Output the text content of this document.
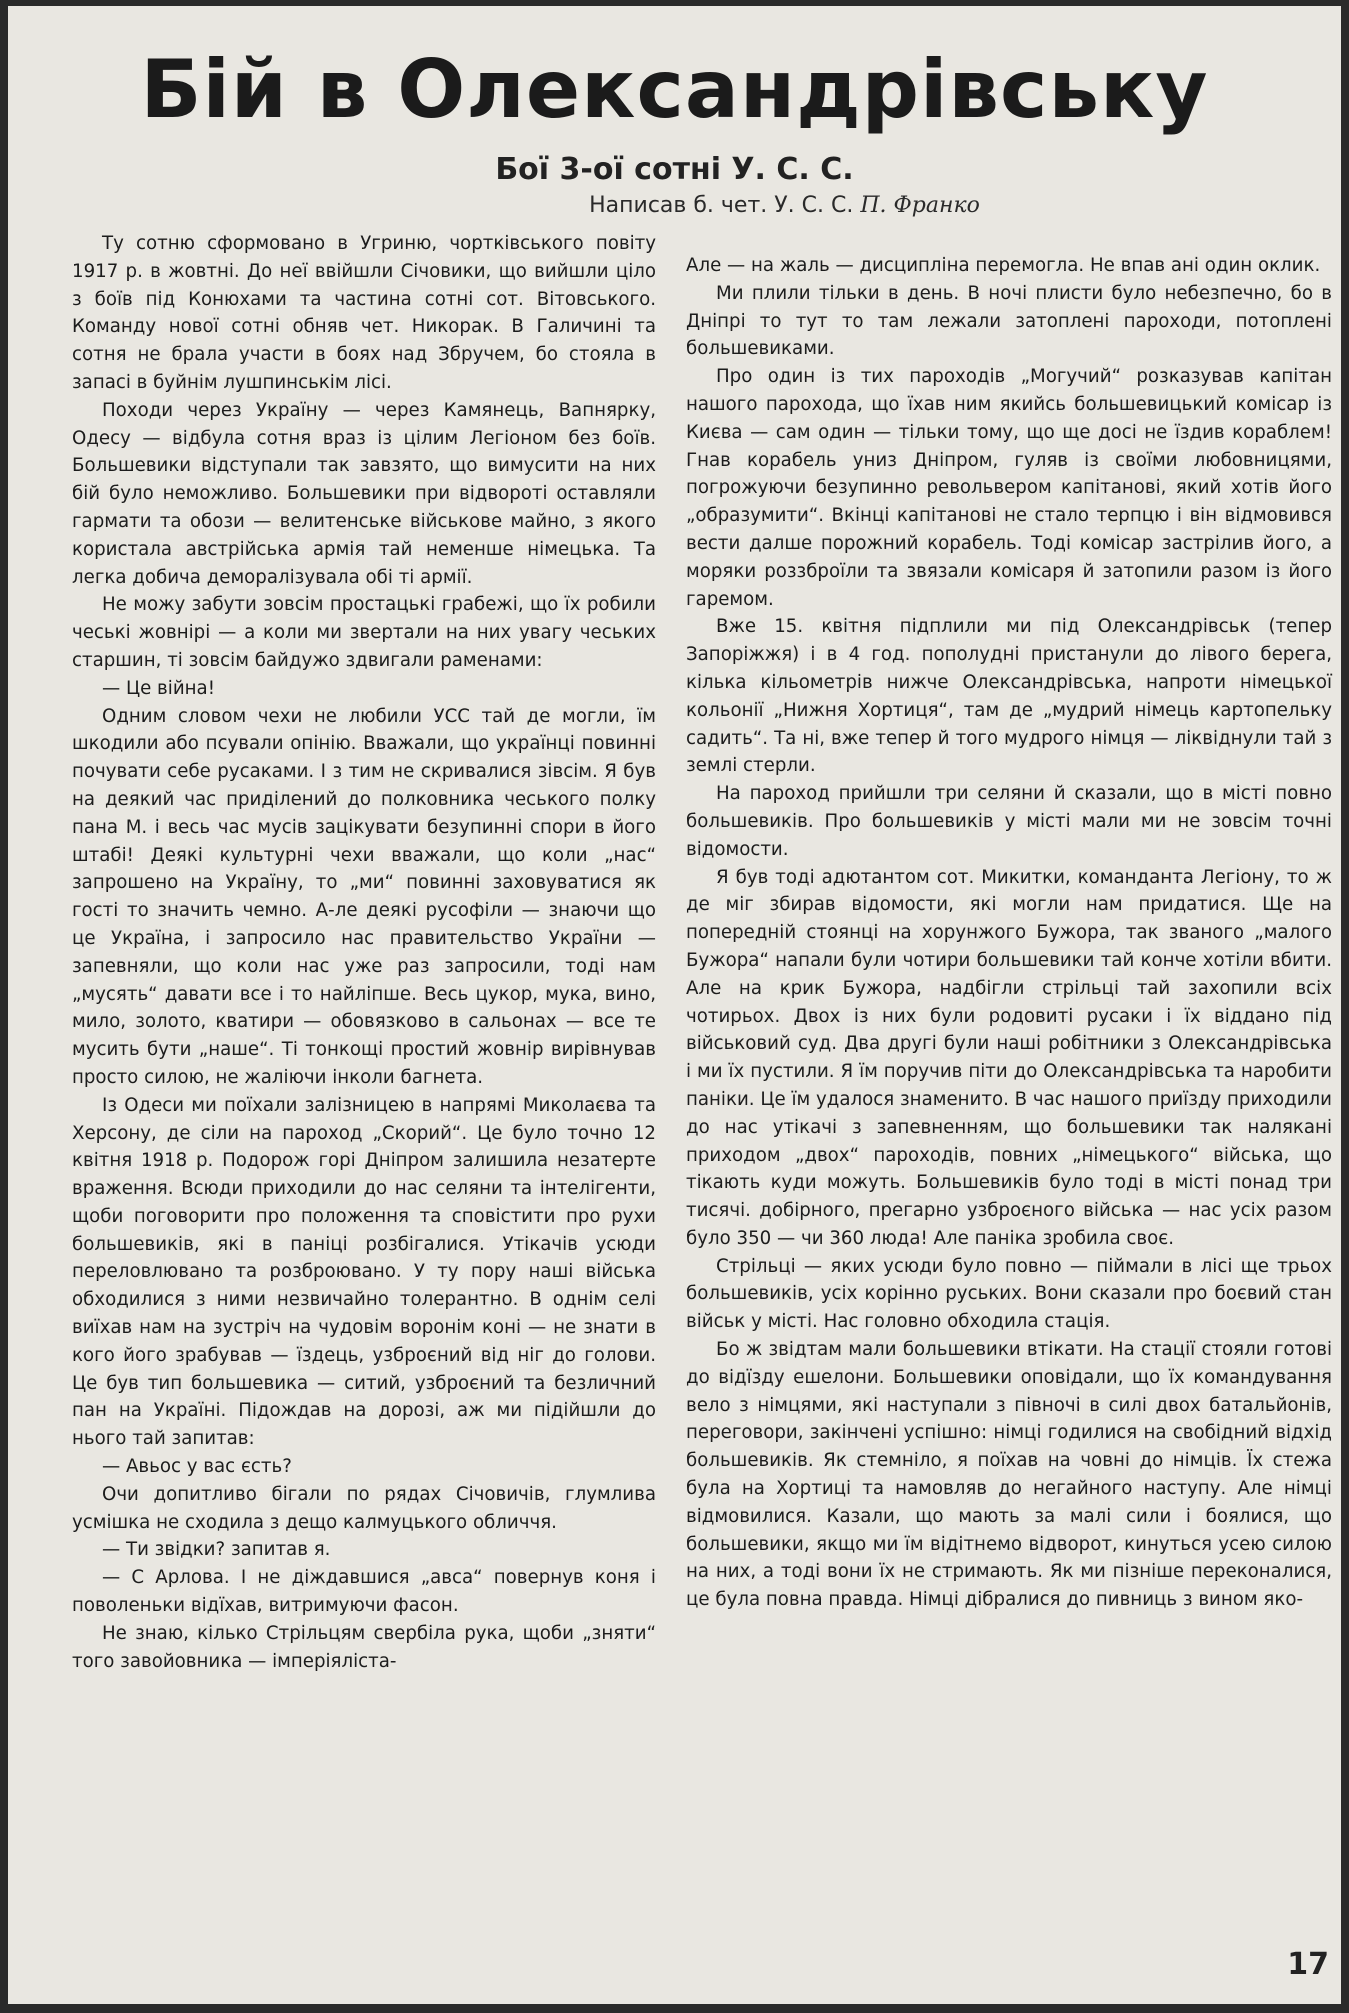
Бій в Олександрівську
Бої 3-ої сотні У. С. С.
Написав б. чет. У. С. С. П. Франко

Ту сотню сформовано в Угриню, чортківського повіту 1917 р. в жовтні. До неї ввійшли Січовики, що вийшли ціло з боїв під Конюхами та частина сотні сот. Вітовського. Команду нової сотні обняв чет. Никорак. В Галичині та сотня не брала участи в боях над Збручем, бо стояла в запасі в буйнім лушпинськім лісі.

Походи через Україну — через Камянець, Вапнярку, Одесу — відбула сотня враз із цілим Легіоном без боїв. Большевики відступали так завзято, що вимусити на них бій було неможливо. Большевики при відвороті оставляли гармати та обози — велитенське військове майно, з якого користала австрійська армія тай неменше німецька. Та легка добича деморалізувала обі ті армії.

Не можу забути зовсім простацькі грабежі, що їх робили чеські жовнірі — а коли ми звертали на них увагу чеських старшин, ті зовсім байдужо здвигали раменами:

— Це війна!

Одним словом чехи не любили УСС тай де могли, їм шкодили або псували опінію. Вважали, що українці повинні почувати себе русаками. І з тим не скривалися зівсім. Я був на деякий час приділений до полковника чеського полку пана М. і весь час мусів зацікувати безупинні спори в його штабі! Деякі культурні чехи вважали, що коли „нас“ запрошено на Україну, то „ми“ повинні заховуватися як гості то значить чемно. А-ле деякі русофіли — знаючи що це Україна, і запросило нас правительство України — запевняли, що коли нас уже раз запросили, тоді нам „мусять“ давати все і то найліпше. Весь цукор, мука, вино, мило, золото, кватири — обовязково в сальонах — все те мусить бути „наше“. Ті тонкощі простий жовнір вирівнував просто силою, не жаліючи інколи багнета.

Із Одеси ми поїхали залізницею в напрямі Миколаєва та Херсону, де сіли на пароход „Скорий“. Це було точно 12 квітня 1918 р. Подорож горі Дніпром залишила незатерте враження. Всюди приходили до нас селяни та інтелігенти, щоби поговорити про положення та сповістити про рухи большевиків, які в паніці розбігалися. Утікачів усюди переловлювано та розброювано. У ту пору наші війська обходилися з ними незвичайно толерантно. В однім селі виїхав нам на зустріч на чудовім воронім коні — не знати в кого його зрабував — їздець, узброєний від ніг до голови. Це був тип большевика — ситий, узброєний та безличний пан на Україні. Підождав на дорозі, аж ми підійшли до нього тай запитав:

— Авьос у вас єсть?

Очи допитливо бігали по рядах Січовичів, глумлива усмішка не сходила з дещо калмуцького обличчя.

— Ти звідки? запитав я.

— С Арлова. І не діждавшися „авса“ повернув коня і поволеньки відїхав, витримуючи фасон.

Не знаю, кілько Стрільцям свербіла рука, щоби „зняти“ того завойовника — імперіяліста-

Але — на жаль — дисципліна перемогла. Не впав ані один оклик.

Ми плили тільки в день. В ночі плисти було небезпечно, бо в Дніпрі то тут то там лежали затоплені пароходи, потоплені большевиками.

Про один із тих пароходів „Могучий“ розказував капітан нашого парохода, що їхав ним якийсь большевицький комісар із Києва — сам один — тільки тому, що ще досі не їздив кораблем! Гнав корабель униз Дніпром, гуляв із своїми любовницями, погрожуючи безупинно револьвером капітанові, який хотів його „образумити“. Вкінці капітанові не стало терпцю і він відмовився вести далше порожний корабель. Тоді комісар застрілив його, а моряки роззброїли та звязали комісаря й затопили разом із його гаремом.

Вже 15. квітня підплили ми під Олександрівськ (тепер Запоріжжя) і в 4 год. пополудні пристанули до лівого берега, кілька кільометрів нижче Олександрівська, напроти німецької кольонії „Нижня Хортиця“, там де „мудрий німець картопельку садить“. Та ні, вже тепер й того мудрого німця — ліквіднули тай з землі стерли.

На пароход прийшли три селяни й сказали, що в місті повно большевиків. Про большевиків у місті мали ми не зовсім точні відомости.

Я був тоді адютантом сот. Микитки, команданта Легіону, то ж де міг збирав відомости, які могли нам придатися. Ще на попередній стоянці на хорунжого Бужора, так званого „малого Бужора“ напали були чотири большевики тай конче хотіли вбити. Але на крик Бужора, надбігли стрільці тай захопили всіх чотирьох. Двох із них були родовиті русаки і їх віддано під військовий суд. Два другі були наші робітники з Олександрівська і ми їх пустили. Я їм поручив піти до Олександрівська та наробити паніки. Це їм удалося знаменито. В час нашого приїзду приходили до нас утікачі з запевненням, що большевики так налякані приходом „двох“ пароходів, повних „німецького“ війська, що тікають куди можуть. Большевиків було тоді в місті понад три тисячі. добірного, прегарно узброєного війська — нас усіх разом було 350 — чи 360 люда! Але паніка зробила своє.

Стрільці — яких усюди було повно — піймали в лісі ще трьох большевиків, усіх корінно руських. Вони сказали про боєвий стан військ у місті. Нас головно обходила стація.

Бо ж звідтам мали большевики втікати. На стації стояли готові до відїзду ешелони. Большевики оповідали, що їх командування вело з німцями, які наступали з півночі в силі двох батальйонів, переговори, закінчені успішно: німці годилися на свобідний відхід большевиків. Як стемніло, я поїхав на човні до німців. Їх стежа була на Хортиці та намовляв до негайного наступу. Але німці відмовилися. Казали, що мають за малі сили і боялися, що большевики, якщо ми їм відітнемо відворот, кинуться усею силою на них, а тоді вони їх не стримають. Як ми пізніше переконалися, це була повна правда. Німці дібралися до пивниць з вином яко-

17
